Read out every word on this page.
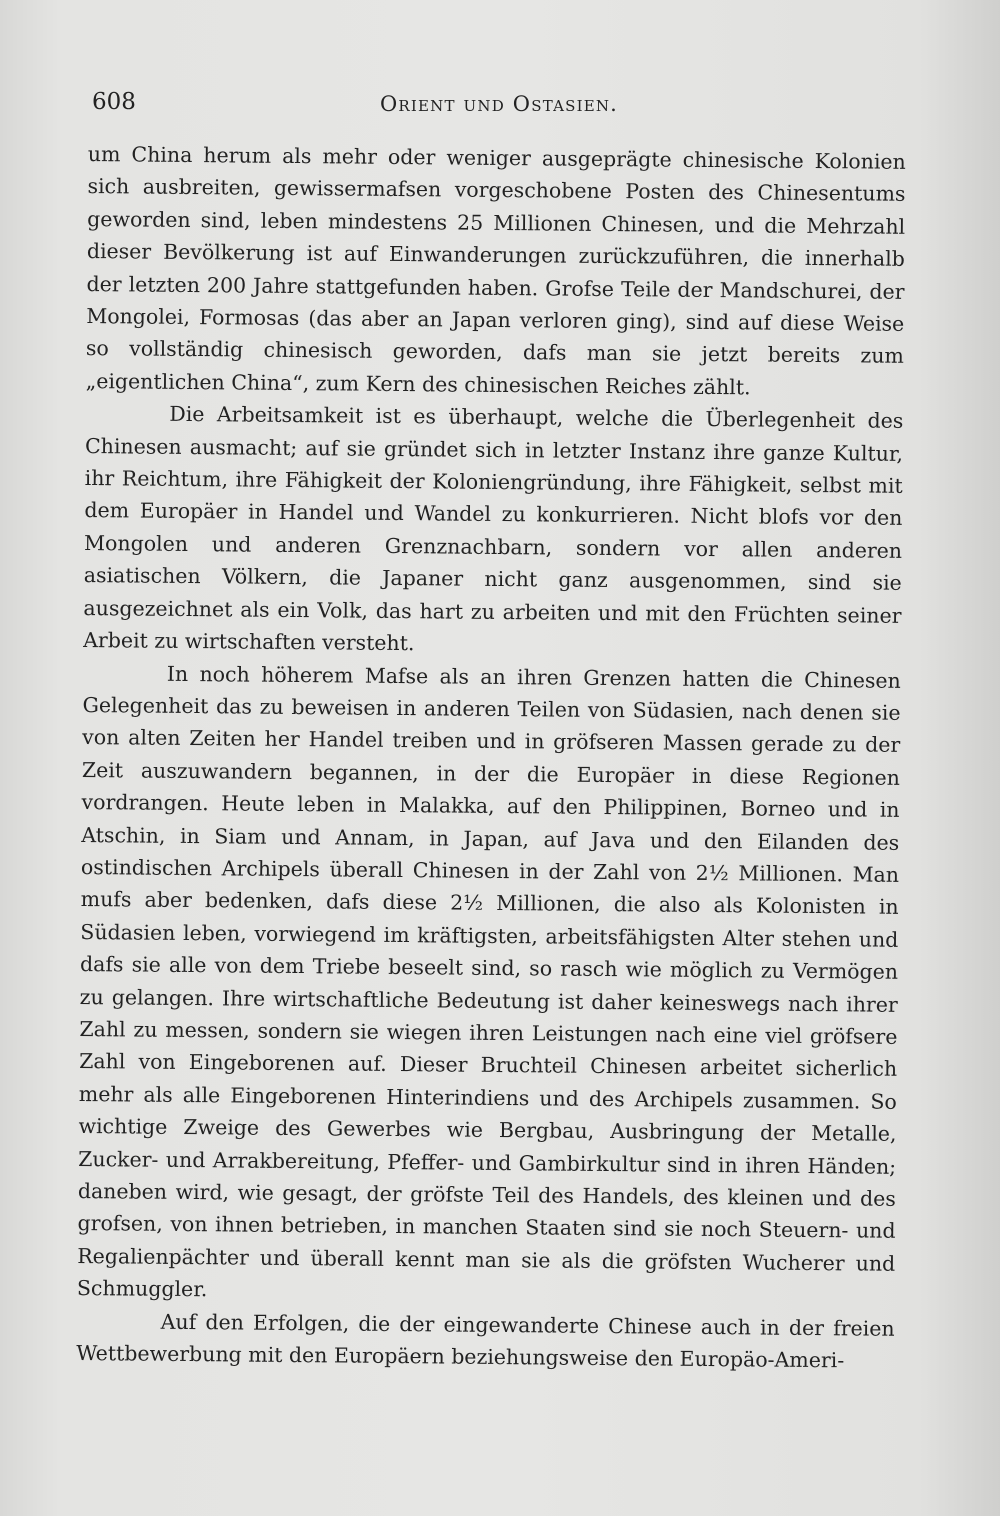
608	Orient und Ostasien.

um China herum als mehr oder weniger ausgeprägte chinesische Kolonien sich ausbreiten, gewissermafsen vorgeschobene Posten des Chinesentums geworden sind, leben mindestens 25 Millionen Chinesen, und die Mehrzahl dieser Bevölkerung ist auf Einwanderungen zurückzuführen, die innerhalb der letzten 200 Jahre stattgefunden haben. Grofse Teile der Mandschurei, der Mongolei, Formosas (das aber an Japan verloren ging), sind auf diese Weise so vollständig chinesisch geworden, dafs man sie jetzt bereits zum „eigentlichen China“, zum Kern des chinesischen Reiches zählt.

Die Arbeitsamkeit ist es überhaupt, welche die Überlegenheit des Chinesen ausmacht; auf sie gründet sich in letzter Instanz ihre ganze Kultur, ihr Reichtum, ihre Fähigkeit der Koloniengründung, ihre Fähigkeit, selbst mit dem Europäer in Handel und Wandel zu konkurrieren. Nicht blofs vor den Mongolen und anderen Grenznachbarn, sondern vor allen anderen asiatischen Völkern, die Japaner nicht ganz ausgenommen, sind sie ausgezeichnet als ein Volk, das hart zu arbeiten und mit den Früchten seiner Arbeit zu wirtschaften versteht.

In noch höherem Mafse als an ihren Grenzen hatten die Chinesen Gelegenheit das zu beweisen in anderen Teilen von Südasien, nach denen sie von alten Zeiten her Handel treiben und in gröfseren Massen gerade zu der Zeit auszuwandern begannen, in der die Europäer in diese Regionen vordrangen. Heute leben in Malakka, auf den Philippinen, Borneo und in Atschin, in Siam und Annam, in Japan, auf Java und den Eilanden des ostindischen Archipels überall Chinesen in der Zahl von 2½ Millionen. Man mufs aber bedenken, dafs diese 2½ Millionen, die also als Kolonisten in Südasien leben, vorwiegend im kräftigsten, arbeitsfähigsten Alter stehen und dafs sie alle von dem Triebe beseelt sind, so rasch wie möglich zu Vermögen zu gelangen. Ihre wirtschaftliche Bedeutung ist daher keineswegs nach ihrer Zahl zu messen, sondern sie wiegen ihren Leistungen nach eine viel gröfsere Zahl von Eingeborenen auf. Dieser Bruchteil Chinesen arbeitet sicherlich mehr als alle Eingeborenen Hinterindiens und des Archipels zusammen. So wichtige Zweige des Gewerbes wie Bergbau, Ausbringung der Metalle, Zucker- und Arrakbereitung, Pfeffer- und Gambirkultur sind in ihren Händen; daneben wird, wie gesagt, der gröfste Teil des Handels, des kleinen und des grofsen, von ihnen betrieben, in manchen Staaten sind sie noch Steuern- und Regalienpächter und überall kennt man sie als die gröfsten Wucherer und Schmuggler.

Auf den Erfolgen, die der eingewanderte Chinese auch in der freien Wettbewerbung mit den Europäern beziehungsweise den Europäo-Ameri-
